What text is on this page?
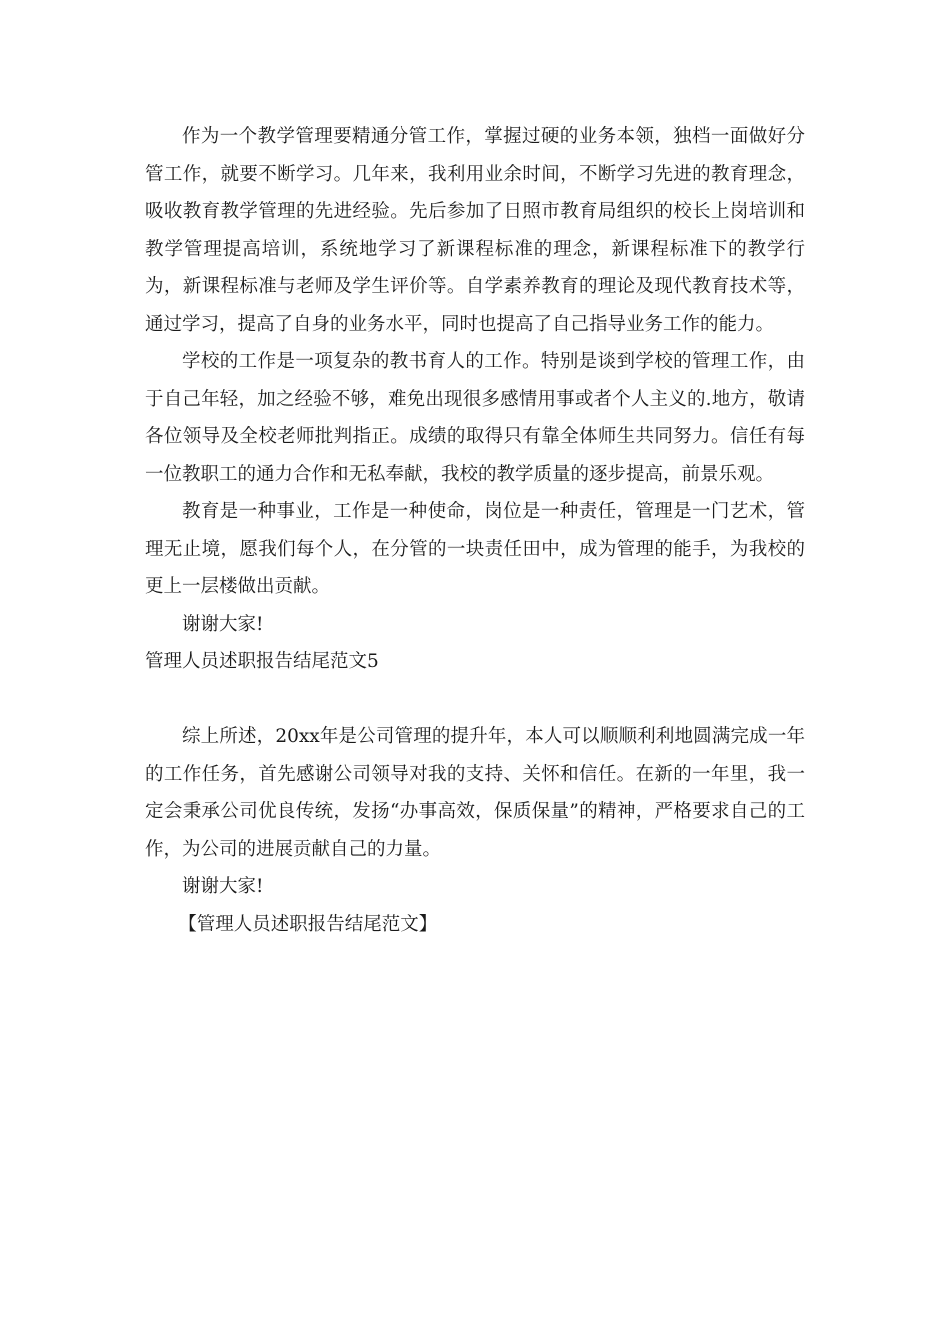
作为一个教学管理要精通分管工作，掌握过硬的业务本领，独档一面做好分管工作，就要不断学习。几年来，我利用业余时间，不断学习先进的教育理念，吸收教育教学管理的先进经验。先后参加了日照市教育局组织的校长上岗培训和教学管理提高培训，系统地学习了新课程标准的理念，新课程标准下的教学行为，新课程标准与老师及学生评价等。自学素养教育的理论及现代教育技术等，通过学习，提高了自身的业务水平，同时也提高了自己指导业务工作的能力。

学校的工作是一项复杂的教书育人的工作。特别是谈到学校的管理工作，由于自己年轻，加之经验不够，难免出现很多感情用事或者个人主义的.地方，敬请各位领导及全校老师批判指正。成绩的取得只有靠全体师生共同努力。信任有每一位教职工的通力合作和无私奉献，我校的教学质量的逐步提高，前景乐观。

教育是一种事业，工作是一种使命，岗位是一种责任，管理是一门艺术，管理无止境，愿我们每个人，在分管的一块责任田中，成为管理的能手，为我校的更上一层楼做出贡献。

谢谢大家!

管理人员述职报告结尾范文5

综上所述，20xx年是公司管理的提升年，本人可以顺顺利利地圆满完成一年的工作任务，首先感谢公司领导对我的支持、关怀和信任。在新的一年里，我一定会秉承公司优良传统，发扬“办事高效，保质保量”的精神，严格要求自己的工作，为公司的进展贡献自己的力量。

谢谢大家!

【管理人员述职报告结尾范文】
